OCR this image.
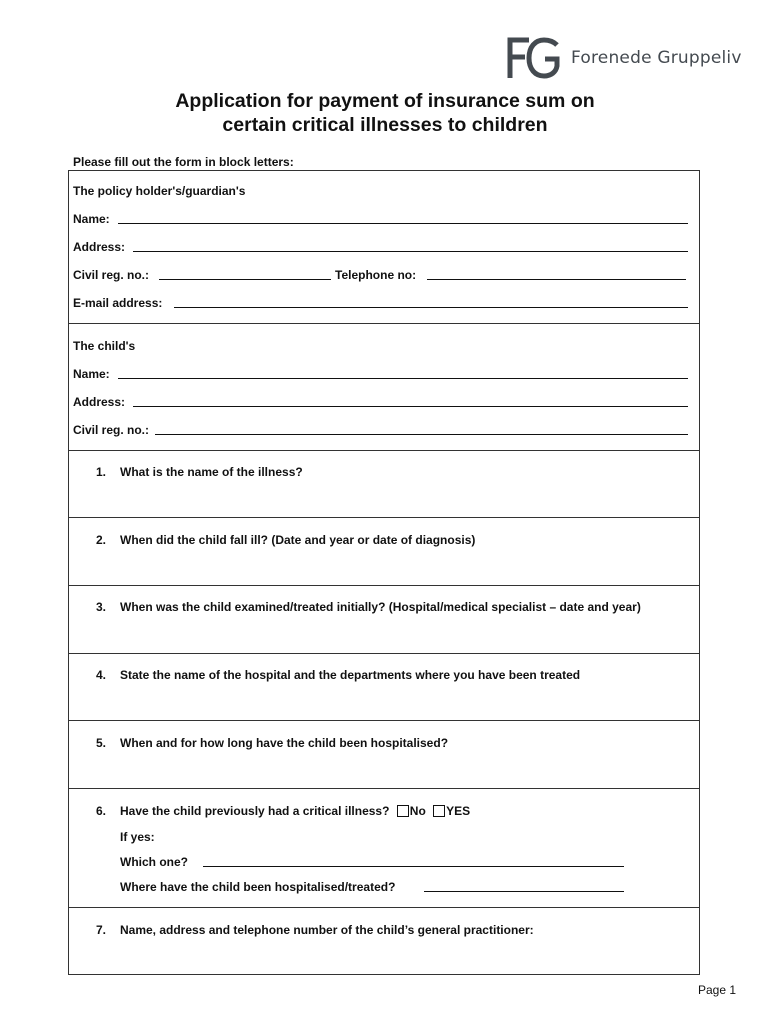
Forenede Gruppeliv
Application for payment of insurance sum on
certain critical illnesses to children
Please fill out the form in block letters:
The policy holder's/guardian's
Name:
Address:
Civil reg. no.:	Telephone no:
E-mail address:
The child's
Name:
Address:
Civil reg. no.:
1. What is the name of the illness?
2. When did the child fall ill? (Date and year or date of diagnosis)
3. When was the child examined/treated initially? (Hospital/medical specialist – date and year)
4. State the name of the hospital and the departments where you have been treated
5. When and for how long have the child been hospitalised?
6. Have the child previously had a critical illness? No YES
If yes:
Which one?
Where have the child been hospitalised/treated?
7. Name, address and telephone number of the child’s general practitioner:
Page 1
